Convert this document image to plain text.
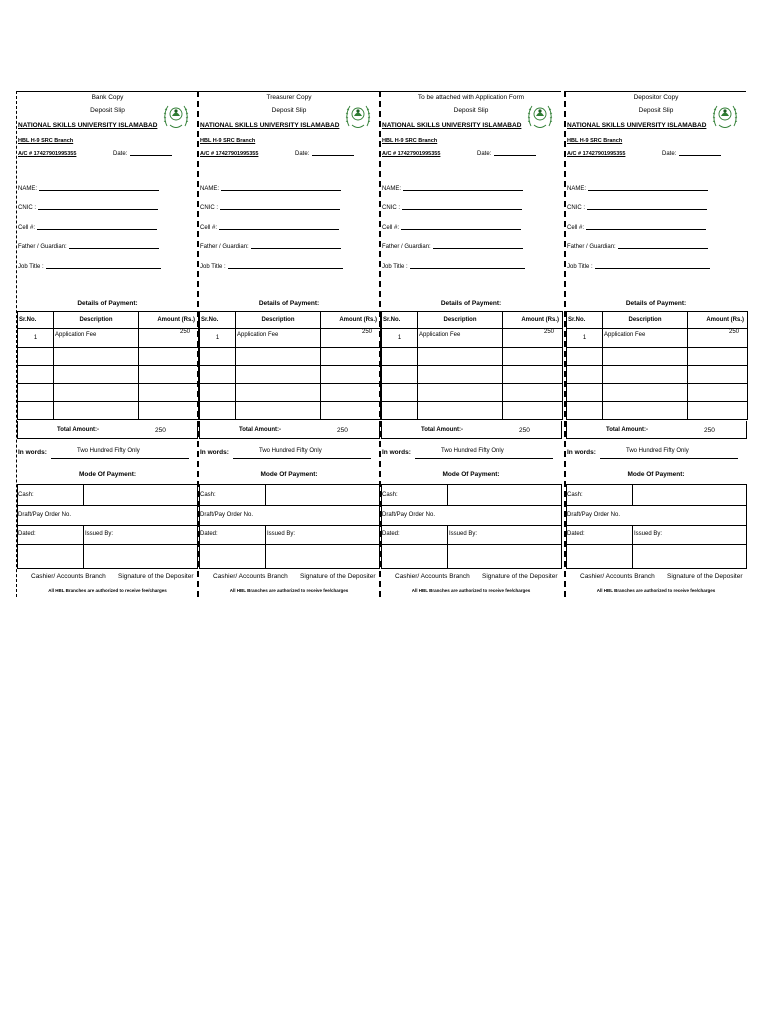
Bank Copy
Deposit Slip
NATIONAL SKILLS UNIVERSITY ISLAMABAD
HBL H-9 SRC Branch
A/C # 17427901995355	Date:
NAME:
CNIC :
Cell #:
Father / Guardian:
Job Title :
Details of Payment:
Sr.No.	Description	Amount (Rs.)
1	Application Fee	250

Total Amount:-	250
In words:	Two Hundred Fifty Only
Mode Of Payment:
Cash:
Draft/Pay Order No.
Dated:	Issued By:
Cashier/ Accounts Branch Signature of the Depositer
All HBL Branches are authorized to receive fee/charges
Treasurer Copy
Deposit Slip
NATIONAL SKILLS UNIVERSITY ISLAMABAD
HBL H-9 SRC Branch
A/C # 17427901995355	Date:
NAME:
CNIC :
Cell #:
Father / Guardian:
Job Title :
Details of Payment:
Sr.No.	Description	Amount (Rs.)
1	Application Fee	250

Total Amount:-	250
In words:	Two Hundred Fifty Only
Mode Of Payment:
Cash:
Draft/Pay Order No.
Dated:	Issued By:
Cashier/ Accounts Branch Signature of the Depositer
All HBL Branches are authorized to receive fee/charges
To be attached with Application Form
Deposit Slip
NATIONAL SKILLS UNIVERSITY ISLAMABAD
HBL H-9 SRC Branch
A/C # 17427901995355	Date:
NAME:
CNIC :
Cell #:
Father / Guardian:
Job Title :
Details of Payment:
Sr.No.	Description	Amount (Rs.)
1	Application Fee	250

Total Amount:-	250
In words:	Two Hundred Fifty Only
Mode Of Payment:
Cash:
Draft/Pay Order No.
Dated:	Issued By:
Cashier/ Accounts Branch Signature of the Depositer
All HBL Branches are authorized to receive fee/charges
Depositor Copy
Deposit Slip
NATIONAL SKILLS UNIVERSITY ISLAMABAD
HBL H-9 SRC Branch
A/C # 17427901995355	Date:
NAME:
CNIC :
Cell #:
Father / Guardian:
Job Title :
Details of Payment:
Sr.No.	Description	Amount (Rs.)
1	Application Fee	250

Total Amount:-	250
In words:	Two Hundred Fifty Only
Mode Of Payment:
Cash:
Draft/Pay Order No.
Dated:	Issued By:
Cashier/ Accounts Branch Signature of the Depositer
All HBL Branches are authorized to receive fee/charges
